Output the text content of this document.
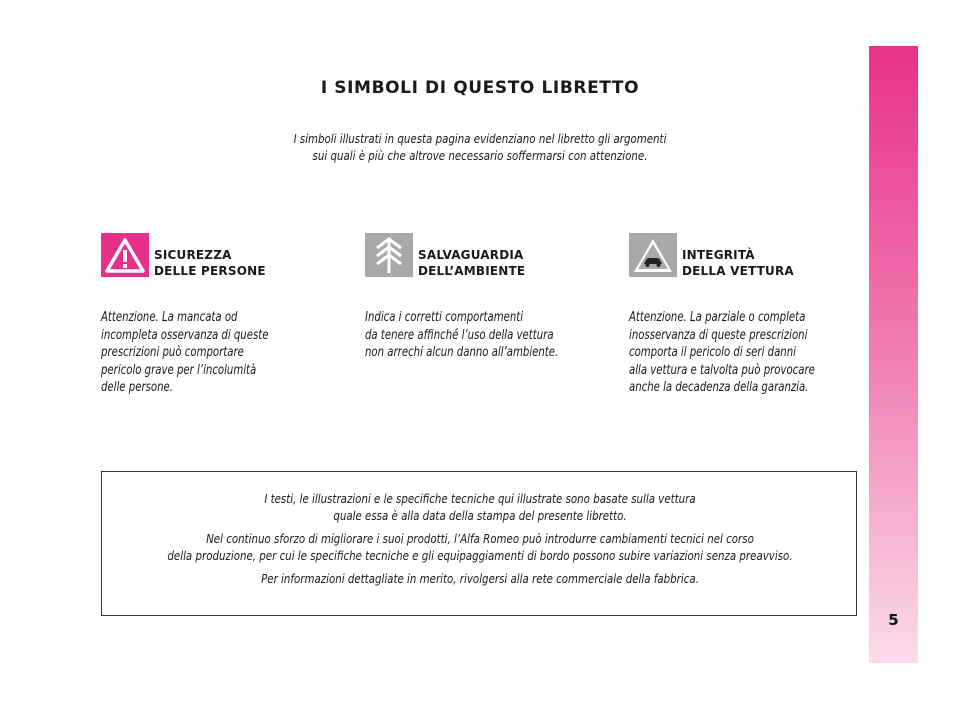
I SIMBOLI DI QUESTO LIBRETTO

I simboli illustrati in questa pagina evidenziano nel libretto gli argomenti
sui quali è più che altrove necessario soffermarsi con attenzione.

SICUREZZA
DELLE PERSONE

Attenzione. La mancata od
incompleta osservanza di queste
prescrizioni può comportare
pericolo grave per l’incolumità
delle persone.

SALVAGUARDIA
DELL’AMBIENTE

Indica i corretti comportamenti
da tenere affinché l’uso della vettura
non arrechi alcun danno all’ambiente.

INTEGRITÀ
DELLA VETTURA

Attenzione. La parziale o completa
inosservanza di queste prescrizioni
comporta il pericolo di seri danni
alla vettura e talvolta può provocare
anche la decadenza della garanzia.

I testi, le illustrazioni e le specifiche tecniche qui illustrate sono basate sulla vettura
quale essa è alla data della stampa del presente libretto.

Nel continuo sforzo di migliorare i suoi prodotti, l’Alfa Romeo può introdurre cambiamenti tecnici nel corso
della produzione, per cui le specifiche tecniche e gli equipaggiamenti di bordo possono subire variazioni senza preavviso.

Per informazioni dettagliate in merito, rivolgersi alla rete commerciale della fabbrica.

5
